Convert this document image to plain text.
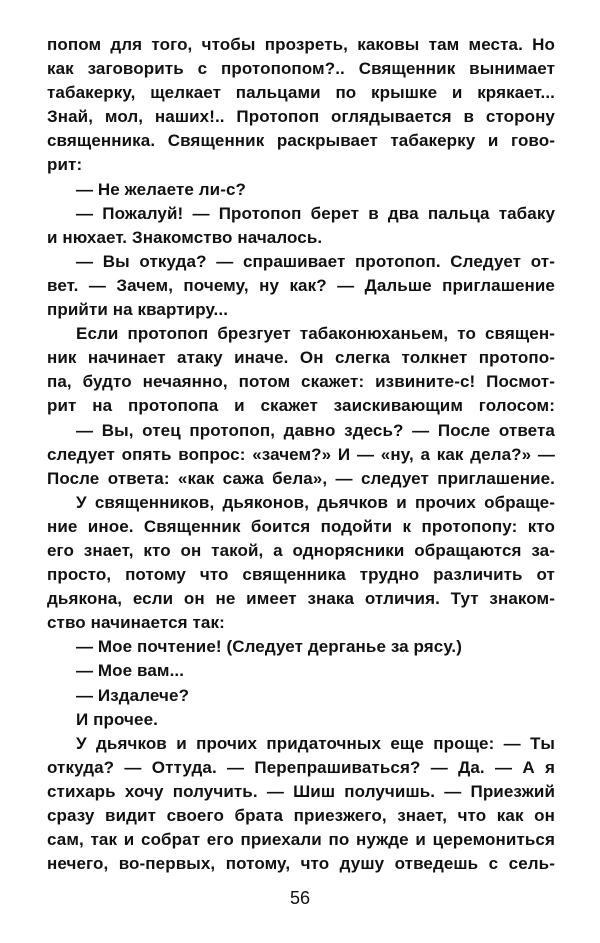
попом для того, чтобы прозреть, каковы там места. Но
как заговорить с протопопом?.. Священник вынимает
табакерку, щелкает пальцами по крышке и крякает...
Знай, мол, наших!.. Протопоп оглядывается в сторону
священника. Священник раскрывает табакерку и гово-
рит:
— Не желаете ли-с?
— Пожалуй! — Протопоп берет в два пальца табаку
и нюхает. Знакомство началось.
— Вы откуда? — спрашивает протопоп. Следует от-
вет. — Зачем, почему, ну как? — Дальше приглашение
прийти на квартиру...
Если протопоп брезгует табаконюханьем, то священ-
ник начинает атаку иначе. Он слегка толкнет протопо-
па, будто нечаянно, потом скажет: извините-с! Посмот-
рит на протопопа и скажет заискивающим голосом:
— Вы, отец протопоп, давно здесь? — После ответа
следует опять вопрос: «зачем?» И — «ну, а как дела?» —
После ответа: «как сажа бела», — следует приглашение.
У священников, дьяконов, дьячков и прочих обраще-
ние иное. Священник боится подойти к протопопу: кто
его знает, кто он такой, а однорясники обращаются за-
просто, потому что священника трудно различить от
дьякона, если он не имеет знака отличия. Тут знаком-
ство начинается так:
— Мое почтение! (Следует дерганье за рясу.)
— Мое вам...
— Издалече?
И прочее.
У дьячков и прочих придаточных еще проще: — Ты
откуда? — Оттуда. — Перепрашиваться? — Да. — А я
стихарь хочу получить. — Шиш получишь. — Приезжий
сразу видит своего брата приезжего, знает, что как он
сам, так и собрат его приехали по нужде и церемониться
нечего, во-первых, потому, что душу отведешь с сель-
56
